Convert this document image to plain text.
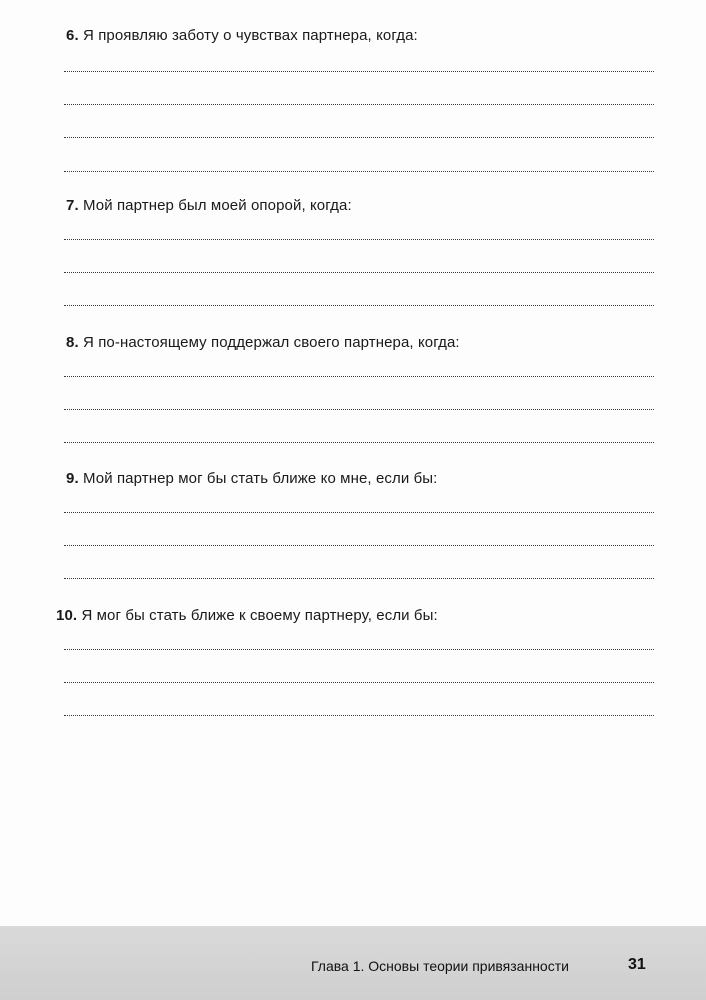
6. Я проявляю заботу о чувствах партнера, когда:
7. Мой партнер был моей опорой, когда:
8. Я по-настоящему поддержал своего партнера, когда:
9. Мой партнер мог бы стать ближе ко мне, если бы:
10. Я мог бы стать ближе к своему партнеру, если бы:
Глава 1. Основы теории привязанности	31
